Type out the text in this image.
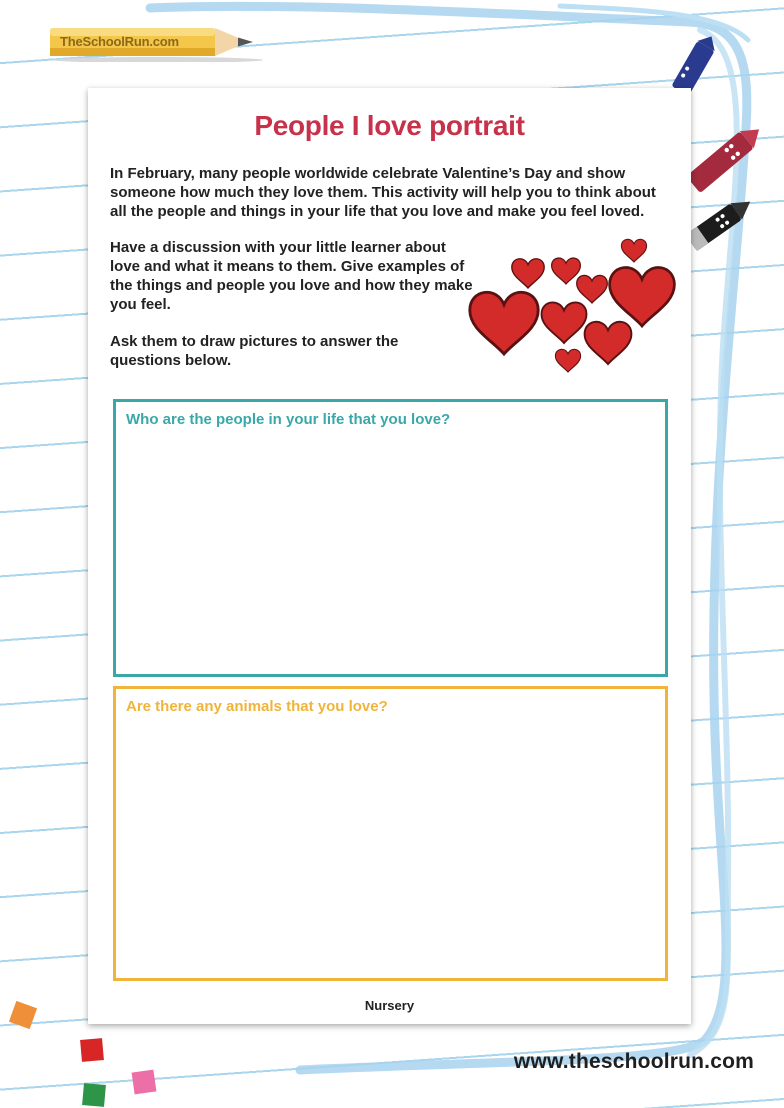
TheSchoolRun.com
People I love portrait
In February, many people worldwide celebrate Valentine’s Day and show someone how much they love them. This activity will help you to think about all the people and things in your life that you love and make you feel loved.
Have a discussion with your little learner about love and what it means to them. Give examples of the things and people you love and how they make you feel.
Ask them to draw pictures to answer the questions below.
Who are the people in your life that you love?
Are there any animals that you love?
Nursery
www.theschoolrun.com
